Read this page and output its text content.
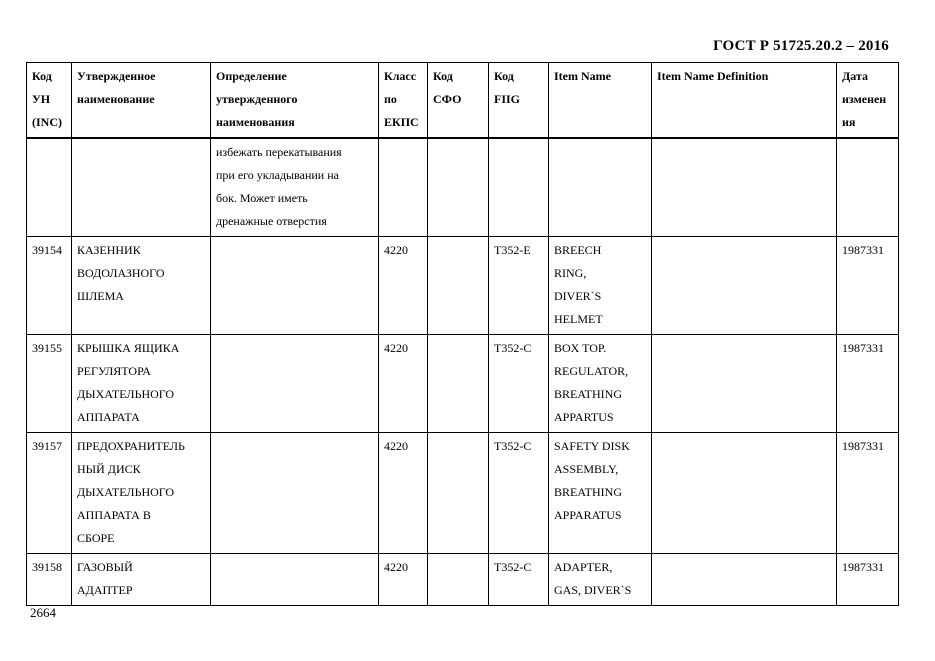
ГОСТ Р 51725.20.2 – 2016
Код
УН
(INC)	Утвержденное
наименование	Определение
утвержденного
наименования	Класс
по
ЕКПС	Код
СФО	Код
FIIG	Item Name	Item Name Definition	Дата
изменен
ия
		избежать перекатывания
при его укладывании на
бок. Может иметь
дренажные отверстия						
39154	КАЗЕННИК
ВОДОЛАЗНОГО
ШЛЕМА		4220		T352-E	BREECH
RING,
DIVER`S
HELMET		1987331
39155	КРЫШКА ЯЩИКА
РЕГУЛЯТОРА
ДЫХАТЕЛЬНОГО
АППАРАТА		4220		T352-C	BOX TOP.
REGULATOR,
BREATHING
APPARTUS		1987331
39157	ПРЕДОХРАНИТЕЛЬ
НЫЙ ДИСК
ДЫХАТЕЛЬНОГО
АППАРАТА В
СБОРЕ		4220		T352-C	SAFETY DISK
ASSEMBLY,
BREATHING
APPARATUS		1987331
39158	ГАЗОВЫЙ
АДАПТЕР		4220		T352-C	ADAPTER,
GAS, DIVER`S		1987331
2664
